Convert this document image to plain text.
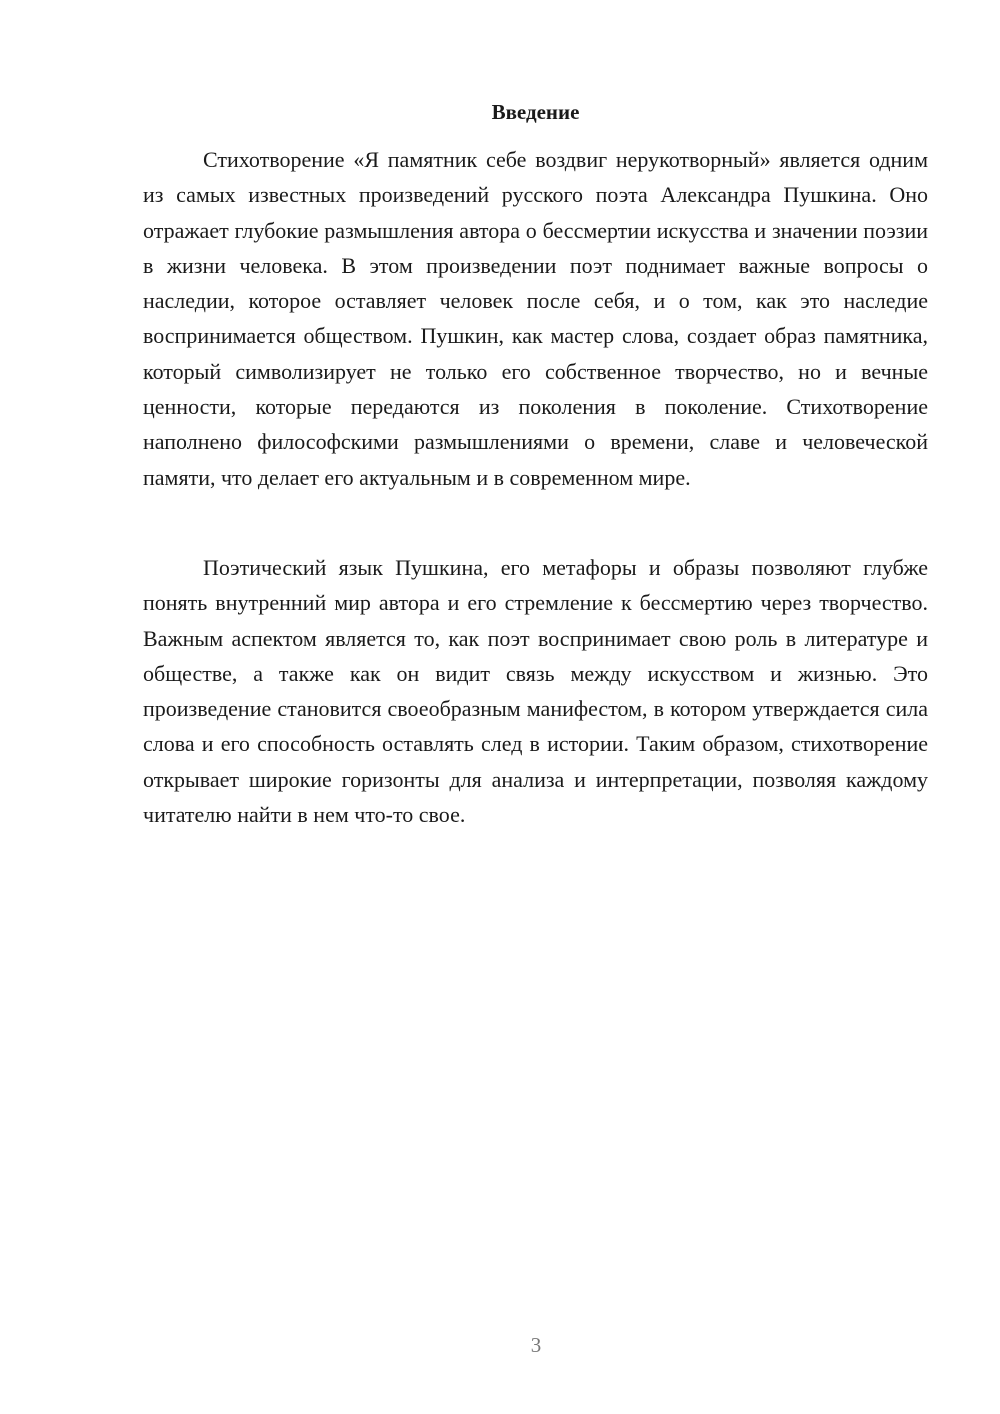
Введение

Стихотворение «Я памятник себе воздвиг нерукотворный» является одним из самых известных произведений русского поэта Александра Пушкина. Оно отражает глубокие размышления автора о бессмертии искусства и значении поэзии в жизни человека. В этом произведении поэт поднимает важные вопросы о наследии, которое оставляет человек после себя, и о том, как это наследие воспринимается обществом. Пушкин, как мастер слова, создает образ памятника, который символизирует не только его собственное творчество, но и вечные ценности, которые передаются из поколения в поколение. Стихотворение наполнено философскими размышлениями о времени, славе и человеческой памяти, что делает его актуальным и в современном мире.

Поэтический язык Пушкина, его метафоры и образы позволяют глубже понять внутренний мир автора и его стремление к бессмертию через творчество. Важным аспектом является то, как поэт воспринимает свою роль в литературе и обществе, а также как он видит связь между искусством и жизнью. Это произведение становится своеобразным манифестом, в котором утверждается сила слова и его способность оставлять след в истории. Таким образом, стихотворение открывает широкие горизонты для анализа и интерпретации, позволяя каждому читателю найти в нем что-то свое.

3
